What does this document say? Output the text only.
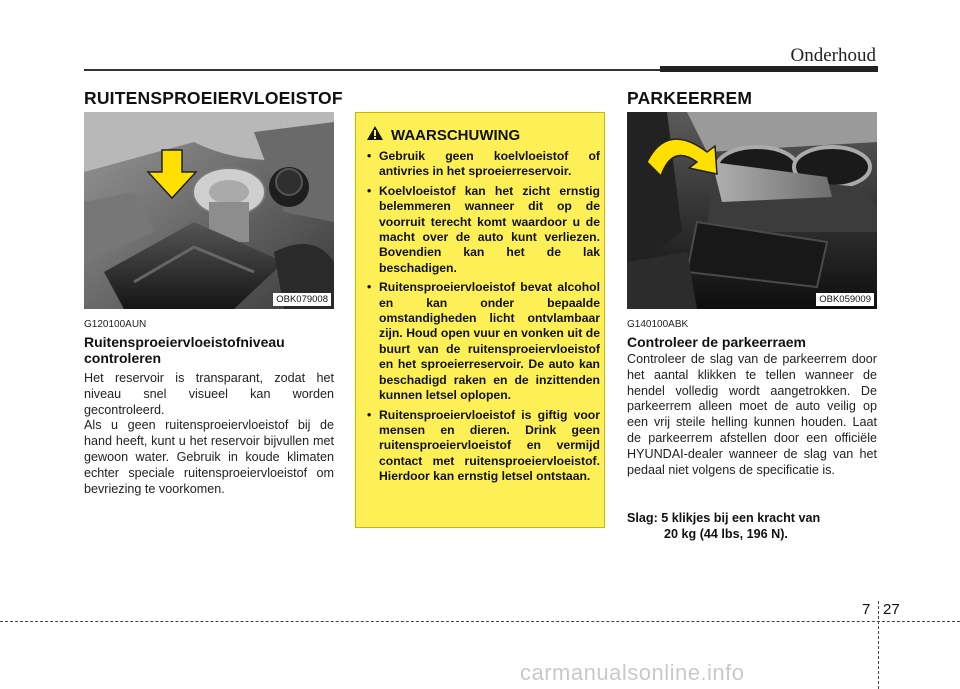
Onderhoud
RUITENSPROEIERVLOEISTOF
OBK079008
G120100AUN
Ruitensproeiervloeistofniveau controleren

Het reservoir is transparant, zodat het niveau snel visueel kan worden gecontroleerd.

Als u geen ruitensproeiervloeistof bij de hand heeft, kunt u het reservoir bijvullen met gewoon water. Gebruik in koude klimaten echter speciale ruitensproeiervloeistof om bevriezing te voorkomen.

WAARSCHUWING
• Gebruik geen koelvloeistof of antivries in het sproeierreservoir.
• Koelvloeistof kan het zicht ernstig belemmeren wanneer dit op de voorruit terecht komt waardoor u de macht over de auto kunt verliezen. Bovendien kan het de lak beschadigen.
• Ruitensproeiervloeistof bevat alcohol en kan onder bepaalde omstandigheden licht ontvlambaar zijn. Houd open vuur en vonken uit de buurt van de ruitensproeiervloeistof en het sproeierreservoir. De auto kan beschadigd raken en de inzittenden kunnen letsel oplopen.
• Ruitensproeiervloeistof is giftig voor mensen en dieren. Drink geen ruitensproeiervloeistof en vermijd contact met ruitensproeiervloeistof. Hierdoor kan ernstig letsel ontstaan.
PARKEERREM
OBK059009
G140100ABK
Controleer de parkeerraem
Controleer de slag van de parkeerrem door het aantal klikken te tellen wanneer de hendel volledig wordt aangetrokken. De parkeerrem alleen moet de auto veilig op een vrij steile helling kunnen houden. Laat de parkeerrem afstellen door een officiële HYUNDAI-dealer wanneer de slag van het pedaal niet volgens de specificatie is.
Slag: 5 klikjes bij een kracht van
20 kg (44 lbs, 196 N).
7 27
carmanualsonline.info
